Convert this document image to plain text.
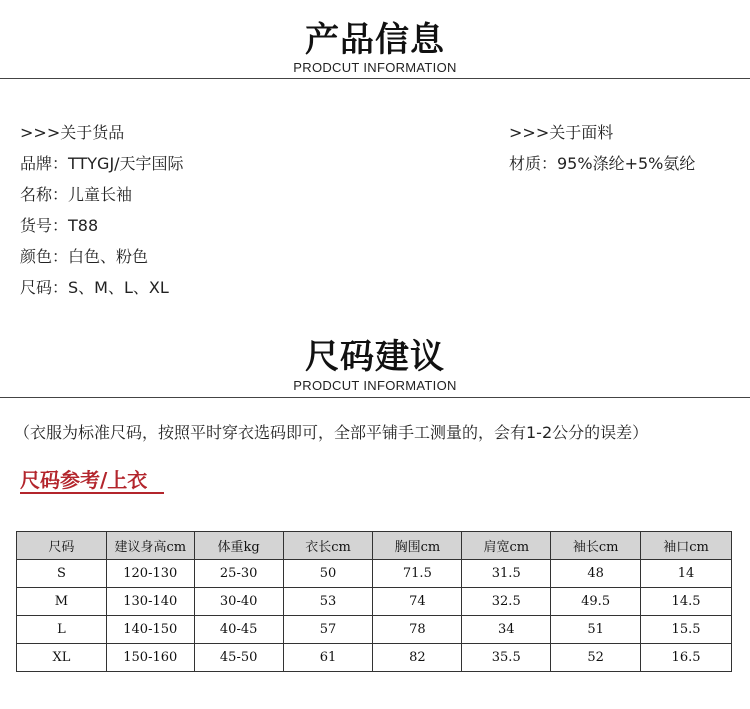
产品信息
PRODCUT INFORMATION
>>>关于货品
品牌：TTYGJ/天宇国际
名称：儿童长袖
货号：T88
颜色：白色、粉色
尺码：S、M、L、XL
>>>关于面料
材质：95%涤纶+5%氨纶
尺码建议
PRODCUT INFORMATION
（衣服为标准尺码，按照平时穿衣选码即可，全部平铺手工测量的，会有1-2公分的误差）
尺码参考/上衣
尺码	建议身高cm	体重kg	衣长cm	胸围cm	肩宽cm	袖长cm	袖口cm
S	120-130	25-30	50	71.5	31.5	48	14
M	130-140	30-40	53	74	32.5	49.5	14.5
L	140-150	40-45	57	78	34	51	15.5
XL	150-160	45-50	61	82	35.5	52	16.5
